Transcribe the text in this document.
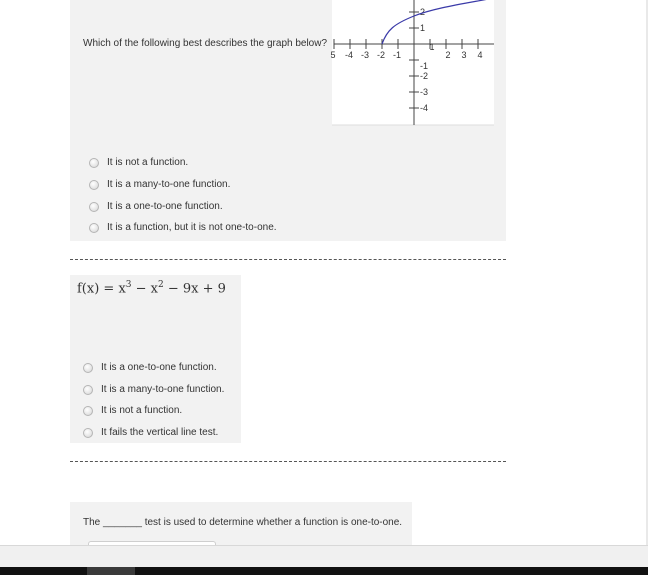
Which of the following best describes the graph below?
5 -4 -3 -2 -1
1
2 3 4
2
1
-1
-2
-3
-4
It is not a function.
It is a many-to-one function.
It is a one-to-one function.
It is a function, but it is not one-to-one.
$f(x) = x^3 - x^2 - 9x + 9$
It is a one-to-one function.
It is a many-to-one function.
It is not a function.
It fails the vertical line test.
The _______ test is used to determine whether a function is one-to-one.
